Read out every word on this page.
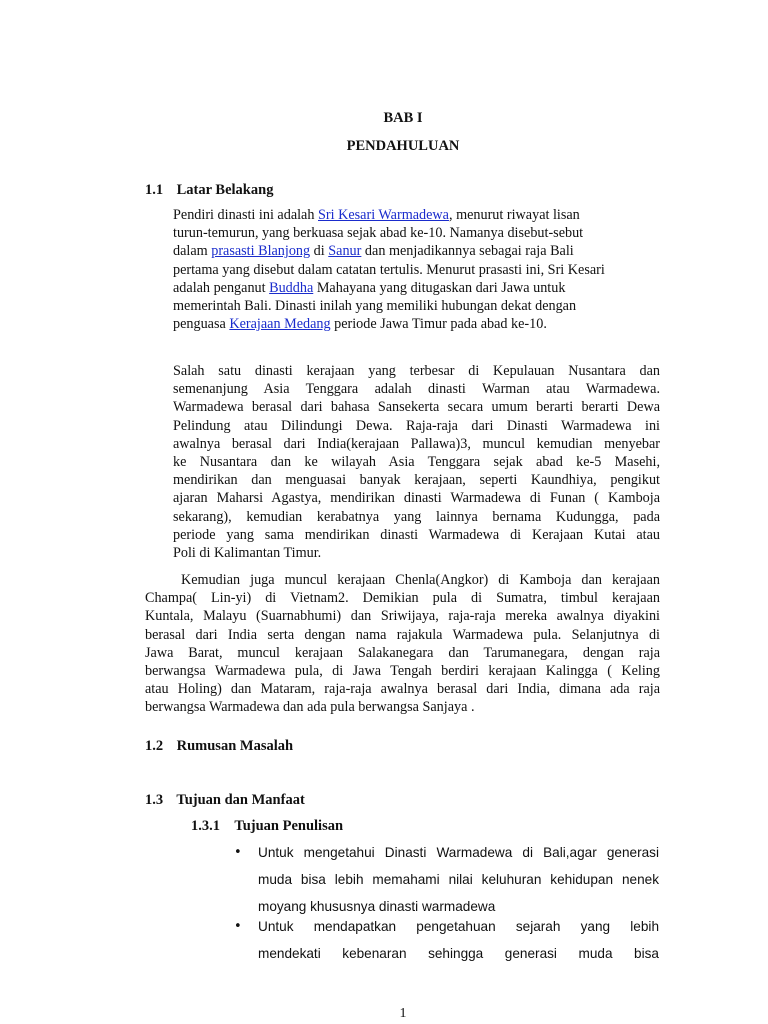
BAB I
PENDAHULUAN
1.1 Latar Belakang
Pendiri dinasti ini adalah Sri Kesari Warmadewa, menurut riwayat lisan
turun-temurun, yang berkuasa sejak abad ke-10. Namanya disebut-sebut
dalam prasasti Blanjong di Sanur dan menjadikannya sebagai raja Bali
pertama yang disebut dalam catatan tertulis. Menurut prasasti ini, Sri Kesari
adalah penganut Buddha Mahayana yang ditugaskan dari Jawa untuk
memerintah Bali. Dinasti inilah yang memiliki hubungan dekat dengan
penguasa Kerajaan Medang periode Jawa Timur pada abad ke-10.
Salah satu dinasti kerajaan yang terbesar di Kepulauan Nusantara dan
semenanjung Asia Tenggara adalah dinasti Warman atau Warmadewa.
Warmadewa berasal dari bahasa Sansekerta secara umum berarti berarti Dewa
Pelindung atau Dilindungi Dewa. Raja-raja dari Dinasti Warmadewa ini
awalnya berasal dari India(kerajaan Pallawa)3, muncul kemudian menyebar
ke Nusantara dan ke wilayah Asia Tenggara sejak abad ke-5 Masehi,
mendirikan dan menguasai banyak kerajaan, seperti Kaundhiya, pengikut
ajaran Maharsi Agastya, mendirikan dinasti Warmadewa di Funan ( Kamboja
sekarang), kemudian kerabatnya yang lainnya bernama Kudungga, pada
periode yang sama mendirikan dinasti Warmadewa di Kerajaan Kutai atau
Poli di Kalimantan Timur.
Kemudian juga muncul kerajaan Chenla(Angkor) di Kamboja dan kerajaan
Champa( Lin-yi) di Vietnam2. Demikian pula di Sumatra, timbul kerajaan
Kuntala, Malayu (Suarnabhumi) dan Sriwijaya, raja-raja mereka awalnya diyakini
berasal dari India serta dengan nama rajakula Warmadewa pula. Selanjutnya di
Jawa Barat, muncul kerajaan Salakanegara dan Tarumanegara, dengan raja
berwangsa Warmadewa pula, di Jawa Tengah berdiri kerajaan Kalingga ( Keling
atau Holing) dan Mataram, raja-raja awalnya berasal dari India, dimana ada raja
berwangsa Warmadewa dan ada pula berwangsa Sanjaya .
1.2 Rumusan Masalah
1.3 Tujuan dan Manfaat
1.3.1 Tujuan Penulisan
• Untuk mengetahui Dinasti Warmadewa di Bali,agar generasi
muda bisa lebih memahami nilai keluhuran kehidupan nenek
moyang khususnya dinasti warmadewa
• Untuk mendapatkan pengetahuan sejarah yang lebih
mendekati kebenaran sehingga generasi muda bisa
1
